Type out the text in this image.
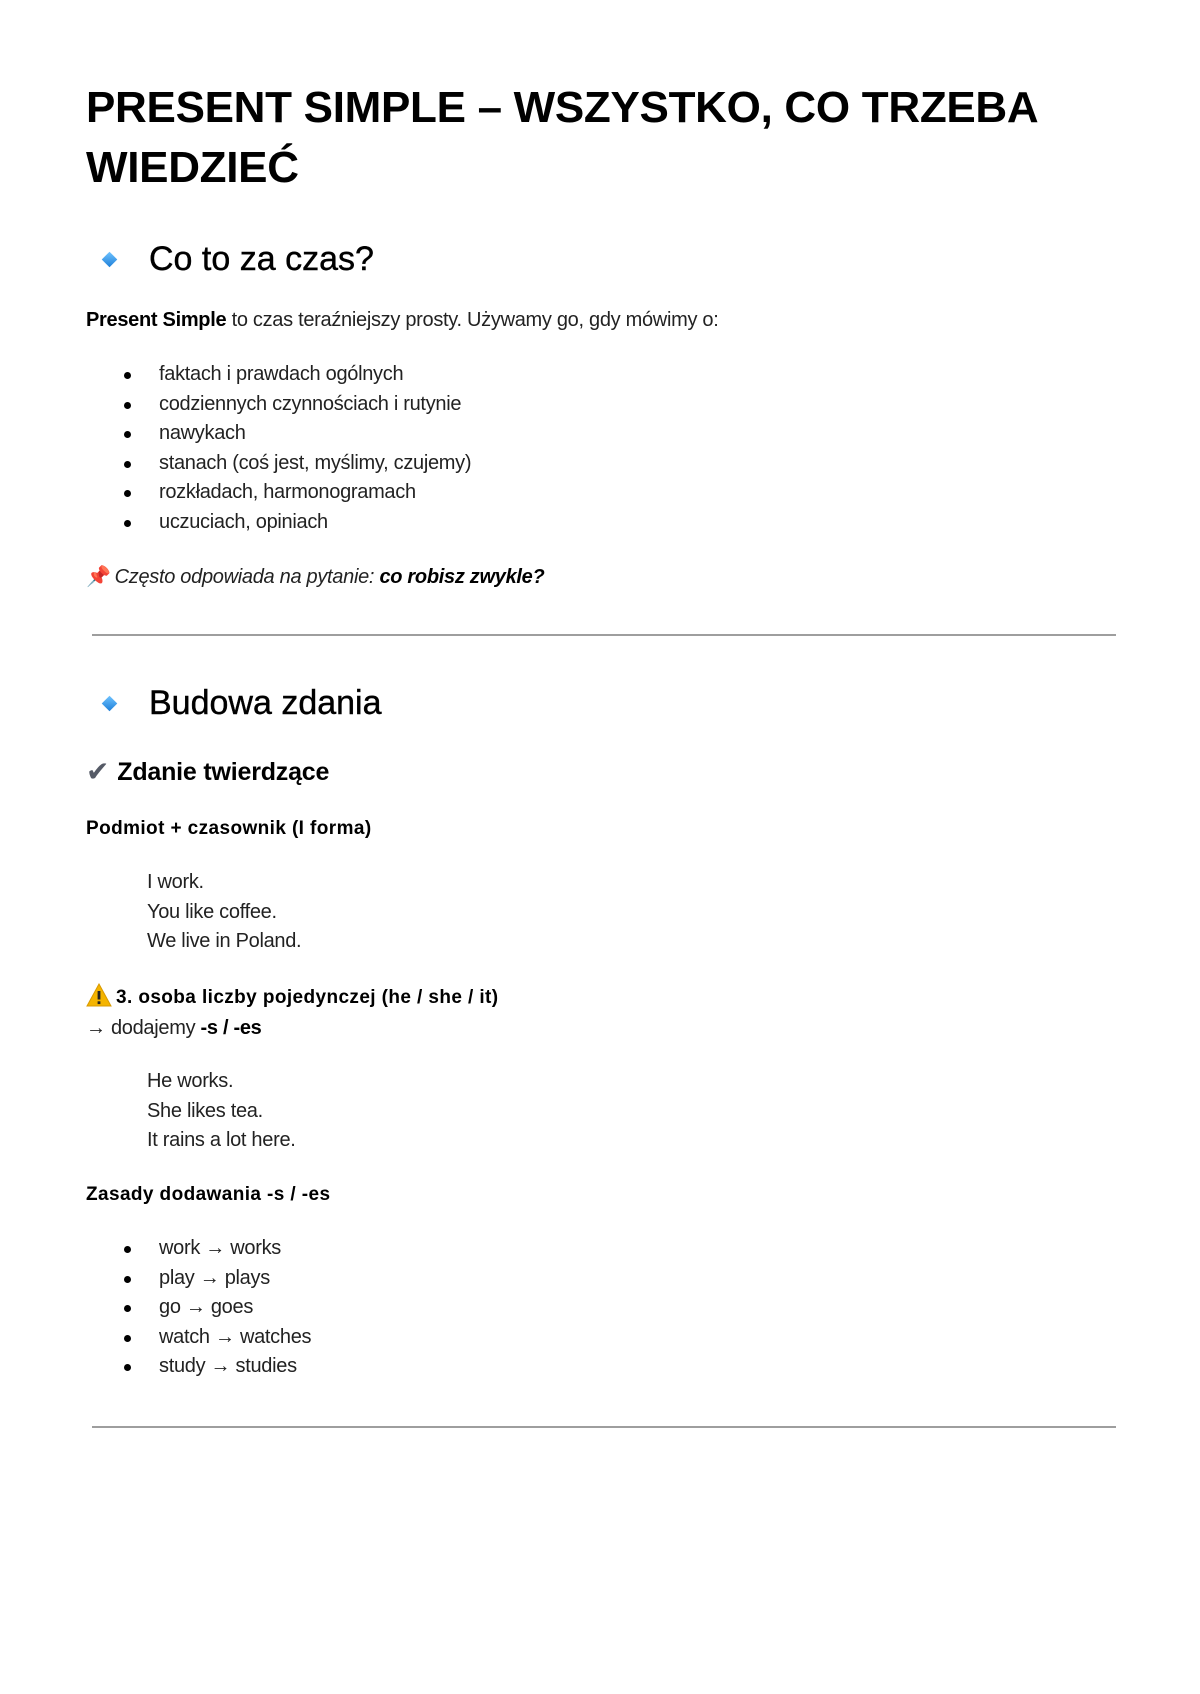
PRESENT SIMPLE – WSZYSTKO, CO TRZEBA WIEDZIEĆ
Co to za czas?
Present Simple to czas teraźniejszy prosty. Używamy go, gdy mówimy o:
faktach i prawdach ogólnych
codziennych czynnościach i rutynie
nawykach
stanach (coś jest, myślimy, czujemy)
rozkładach, harmonogramach
uczuciach, opiniach
📌 Często odpowiada na pytanie: co robisz zwykle?
Budowa zdania
✔ Zdanie twierdzące
Podmiot + czasownik (I forma)
I work.
You like coffee.
We live in Poland.
3. osoba liczby pojedynczej (he / she / it)
→ dodajemy -s / -es
He works.
She likes tea.
It rains a lot here.
Zasady dodawania -s / -es
work → works
play → plays
go → goes
watch → watches
study → studies
